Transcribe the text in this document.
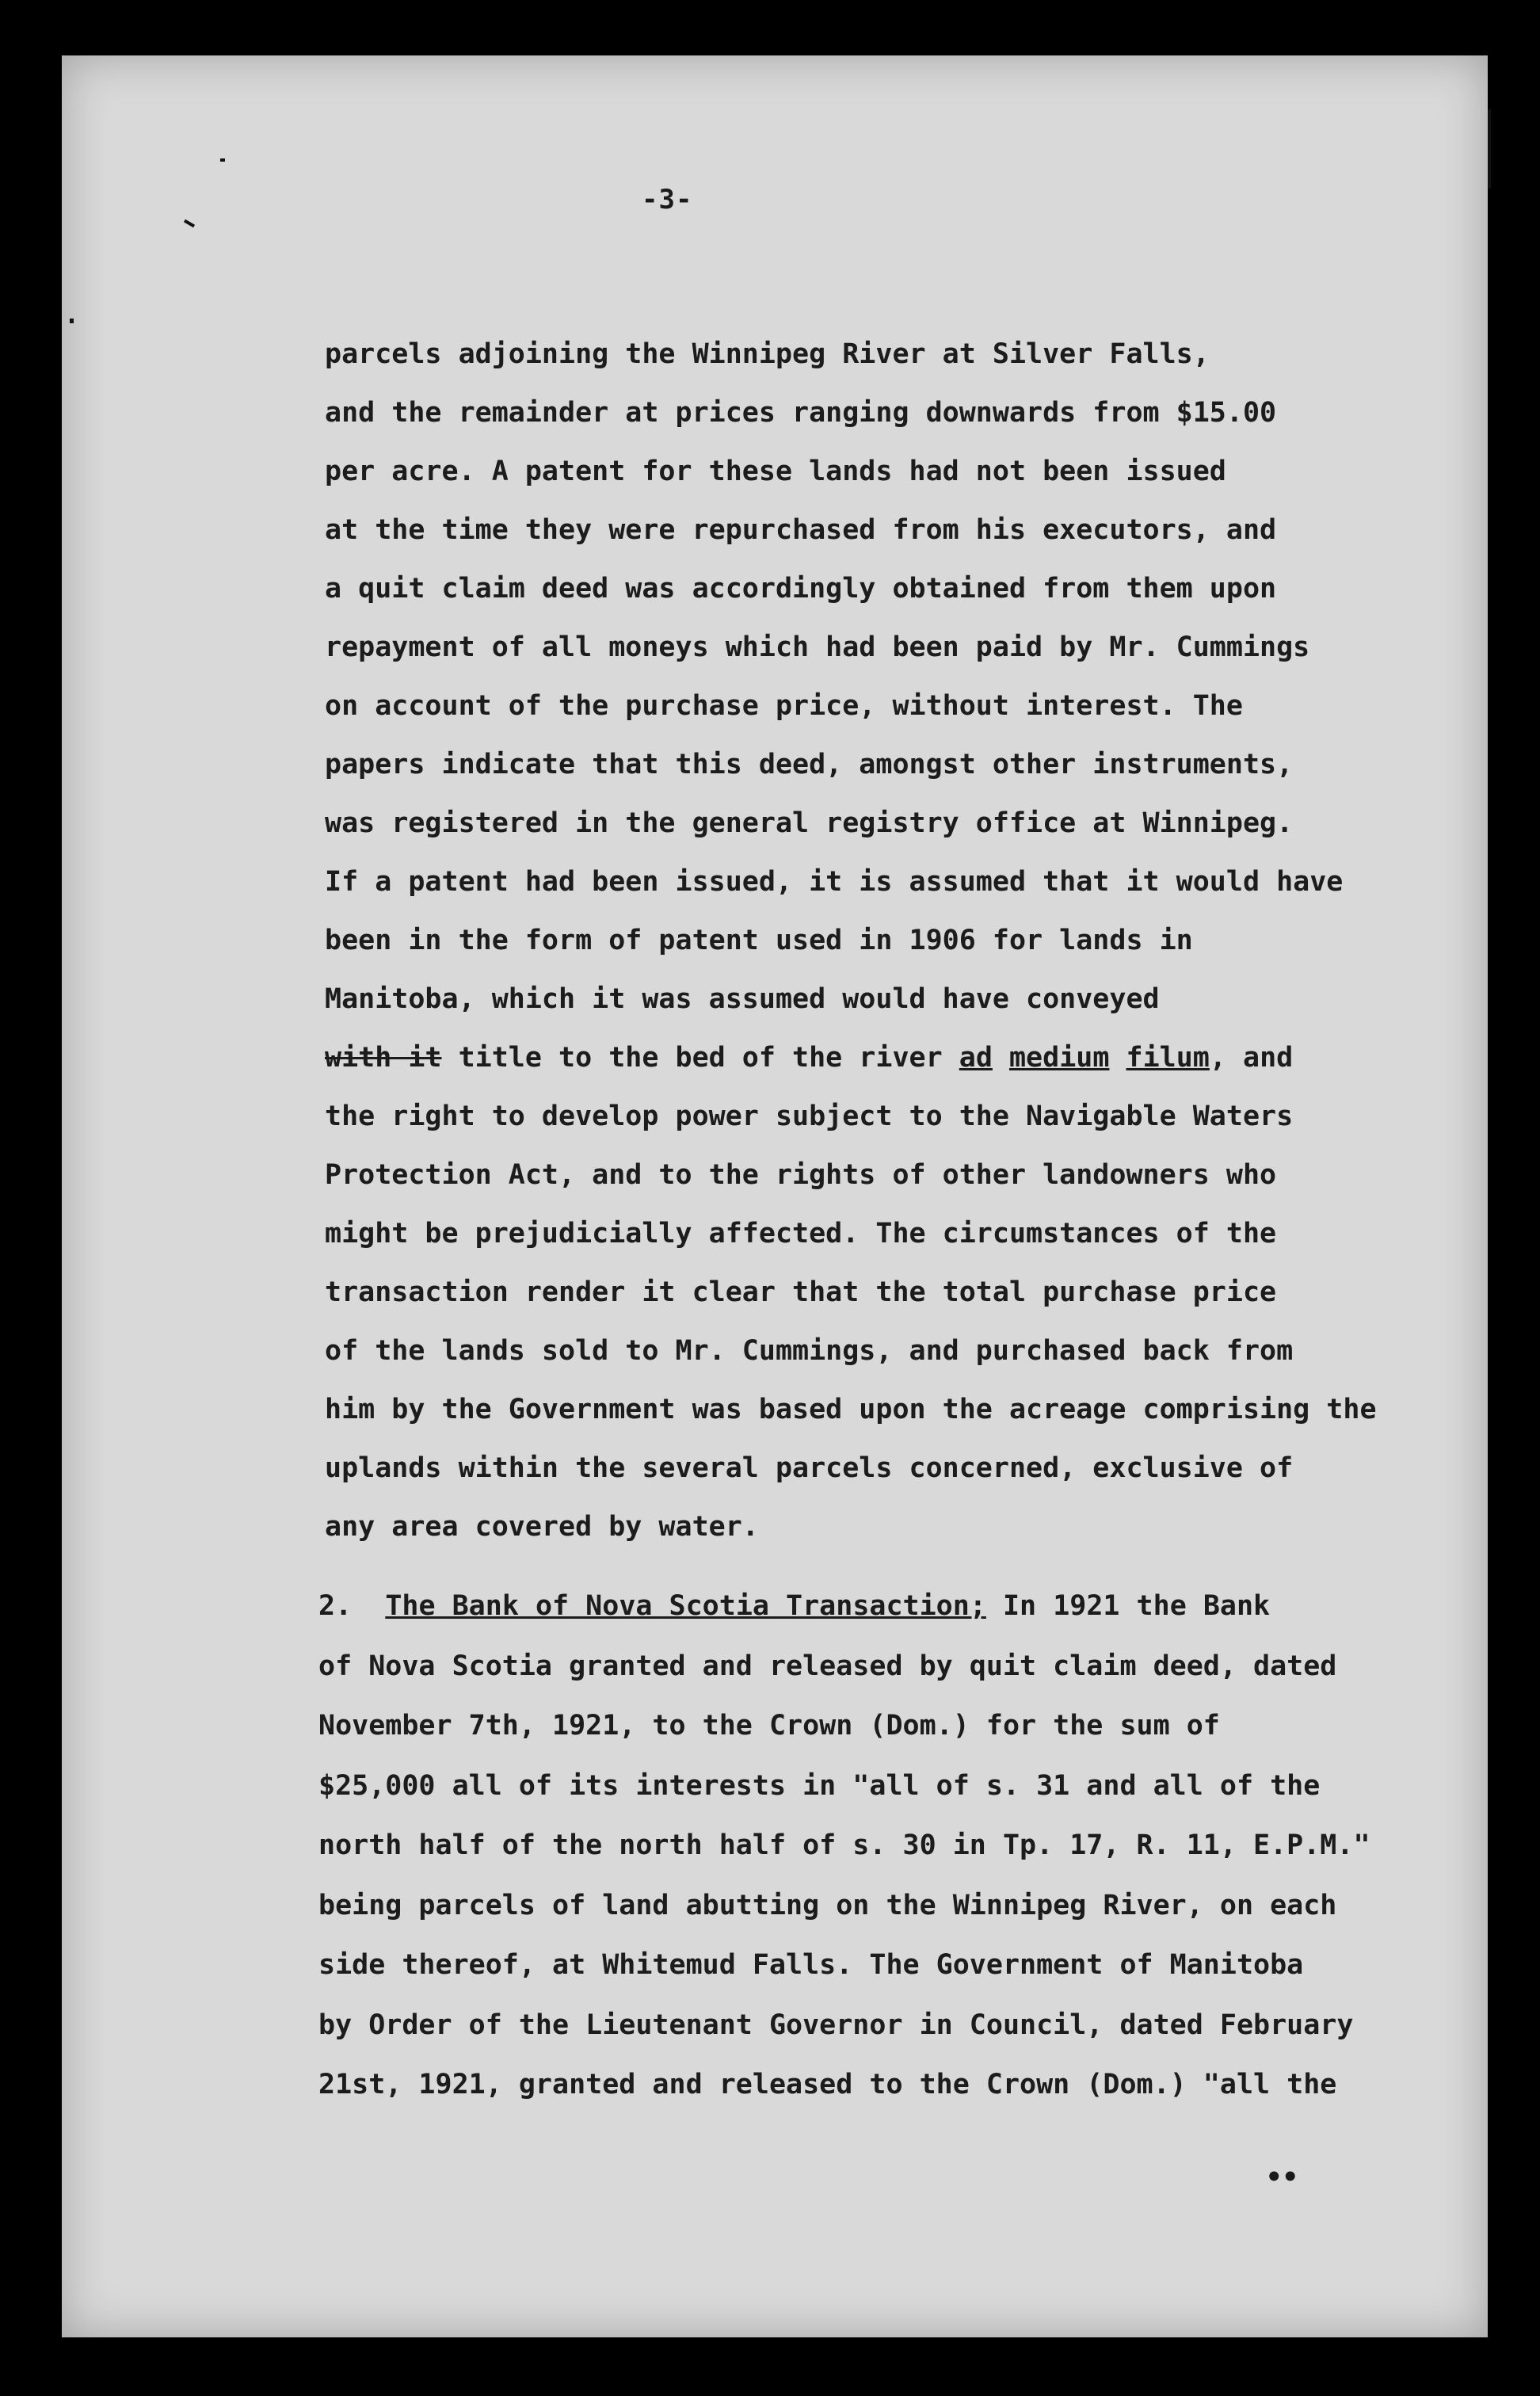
-3-
parcels adjoining the Winnipeg River at Silver Falls,
and the remainder at prices ranging downwards from $15.00
per acre. A patent for these lands had not been issued
at the time they were repurchased from his executors, and
a quit claim deed was accordingly obtained from them upon
repayment of all moneys which had been paid by Mr. Cummings
on account of the purchase price, without interest. The
papers indicate that this deed, amongst other instruments,
was registered in the general registry office at Winnipeg.
If a patent had been issued, it is assumed that it would have
been in the form of patent used in 1906 for lands in
Manitoba, which it was assumed would have conveyed
with it title to the bed of the river ad medium filum, and
the right to develop power subject to the Navigable Waters
Protection Act, and to the rights of other landowners who
might be prejudicially affected. The circumstances of the
transaction render it clear that the total purchase price
of the lands sold to Mr. Cummings, and purchased back from
him by the Government was based upon the acreage comprising the
uplands within the several parcels concerned, exclusive of
any area covered by water.
2. The Bank of Nova Scotia Transaction; In 1921 the Bank
of Nova Scotia granted and released by quit claim deed, dated
November 7th, 1921, to the Crown (Dom.) for the sum of
$25,000 all of its interests in "all of s. 31 and all of the
north half of the north half of s. 30 in Tp. 17, R. 11, E.P.M."
being parcels of land abutting on the Winnipeg River, on each
side thereof, at Whitemud Falls. The Government of Manitoba
by Order of the Lieutenant Governor in Council, dated February
21st, 1921, granted and released to the Crown (Dom.) "all the
••
